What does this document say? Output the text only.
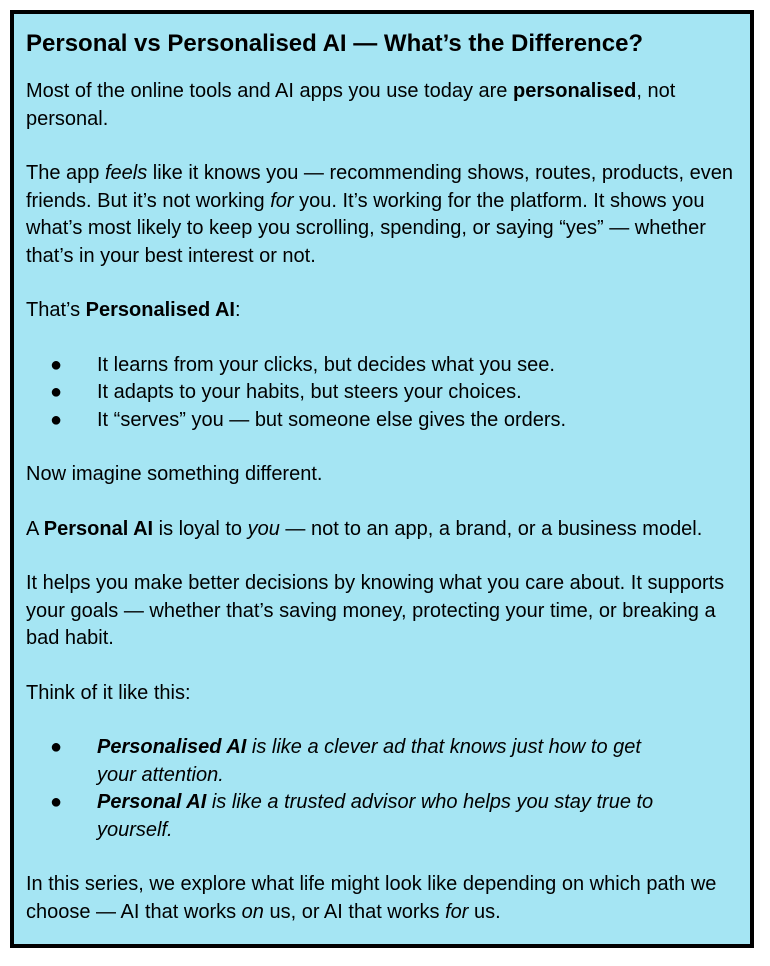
Personal vs Personalised AI — What’s the Difference?

Most of the online tools and AI apps you use today are personalised, not personal.

The app feels like it knows you — recommending shows, routes, products, even friends. But it’s not working for you. It’s working for the platform. It shows you what’s most likely to keep you scrolling, spending, or saying “yes” — whether that’s in your best interest or not.

That’s Personalised AI:

● It learns from your clicks, but decides what you see.
● It adapts to your habits, but steers your choices.
● It “serves” you — but someone else gives the orders.

Now imagine something different.

A Personal AI is loyal to you — not to an app, a brand, or a business model.

It helps you make better decisions by knowing what you care about. It supports your goals — whether that’s saving money, protecting your time, or breaking a bad habit.

Think of it like this:

● Personalised AI is like a clever ad that knows just how to get your attention.
● Personal AI is like a trusted advisor who helps you stay true to yourself.

In this series, we explore what life might look like depending on which path we choose — AI that works on us, or AI that works for us.
